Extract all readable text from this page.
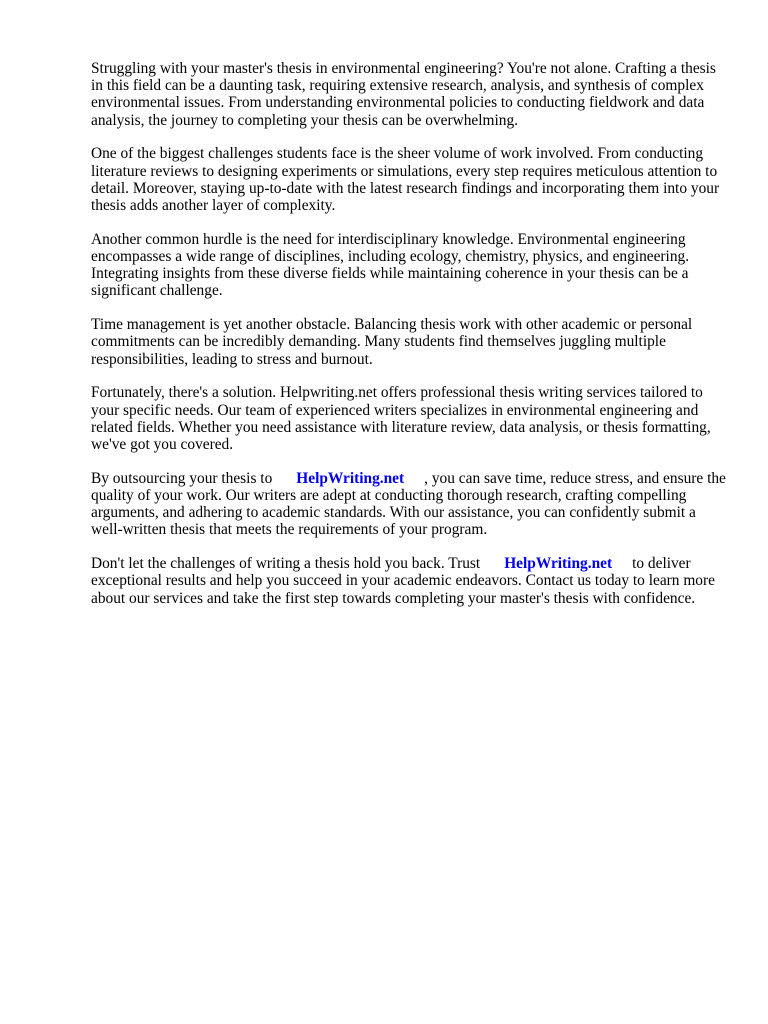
Struggling with your master's thesis in environmental engineering? You're not alone. Crafting a thesis in this field can be a daunting task, requiring extensive research, analysis, and synthesis of complex environmental issues. From understanding environmental policies to conducting fieldwork and data analysis, the journey to completing your thesis can be overwhelming.

One of the biggest challenges students face is the sheer volume of work involved. From conducting literature reviews to designing experiments or simulations, every step requires meticulous attention to detail. Moreover, staying up-to-date with the latest research findings and incorporating them into your thesis adds another layer of complexity.

Another common hurdle is the need for interdisciplinary knowledge. Environmental engineering encompasses a wide range of disciplines, including ecology, chemistry, physics, and engineering. Integrating insights from these diverse fields while maintaining coherence in your thesis can be a significant challenge.

Time management is yet another obstacle. Balancing thesis work with other academic or personal commitments can be incredibly demanding. Many students find themselves juggling multiple responsibilities, leading to stress and burnout.

Fortunately, there's a solution. Helpwriting.net offers professional thesis writing services tailored to your specific needs. Our team of experienced writers specializes in environmental engineering and related fields. Whether you need assistance with literature review, data analysis, or thesis formatting, we've got you covered.

By outsourcing your thesis to HelpWriting.net , you can save time, reduce stress, and ensure the quality of your work. Our writers are adept at conducting thorough research, crafting compelling arguments, and adhering to academic standards. With our assistance, you can confidently submit a well-written thesis that meets the requirements of your program.

Don't let the challenges of writing a thesis hold you back. Trust HelpWriting.net to deliver exceptional results and help you succeed in your academic endeavors. Contact us today to learn more about our services and take the first step towards completing your master's thesis with confidence.
